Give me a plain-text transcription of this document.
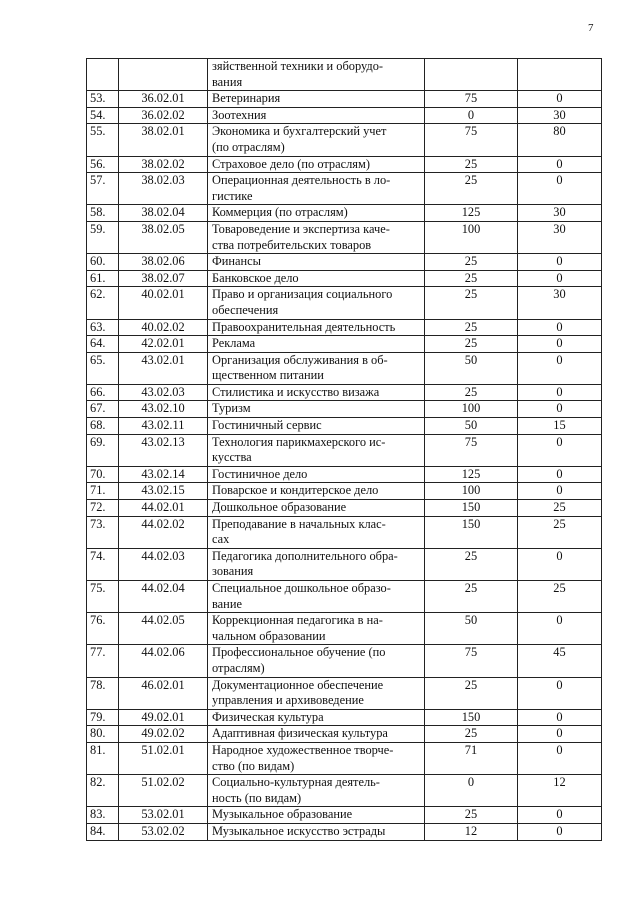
7
		зяйственной техники и оборудо-
вания		
53.	36.02.01	Ветеринария	75	0
54.	36.02.02	Зоотехния	0	30
55.	38.02.01	Экономика и бухгалтерский учет
(по отраслям)	75	80
56.	38.02.02	Страховое дело (по отраслям)	25	0
57.	38.02.03	Операционная деятельность в ло-
гистике	25	0
58.	38.02.04	Коммерция (по отраслям)	125	30
59.	38.02.05	Товароведение и экспертиза каче-
ства потребительских товаров	100	30
60.	38.02.06	Финансы	25	0
61.	38.02.07	Банковское дело	25	0
62.	40.02.01	Право и организация социального
обеспечения	25	30
63.	40.02.02	Правоохранительная деятельность	25	0
64.	42.02.01	Реклама	25	0
65.	43.02.01	Организация обслуживания в об-
щественном питании	50	0
66.	43.02.03	Стилистика и искусство визажа	25	0
67.	43.02.10	Туризм	100	0
68.	43.02.11	Гостиничный сервис	50	15
69.	43.02.13	Технология парикмахерского ис-
кусства	75	0
70.	43.02.14	Гостиничное дело	125	0
71.	43.02.15	Поварское и кондитерское дело	100	0
72.	44.02.01	Дошкольное образование	150	25
73.	44.02.02	Преподавание в начальных клас-
сах	150	25
74.	44.02.03	Педагогика дополнительного обра-
зования	25	0
75.	44.02.04	Специальное дошкольное образо-
вание	25	25
76.	44.02.05	Коррекционная педагогика в на-
чальном образовании	50	0
77.	44.02.06	Профессиональное обучение (по
отраслям)	75	45
78.	46.02.01	Документационное обеспечение
управления и архивоведение	25	0
79.	49.02.01	Физическая культура	150	0
80.	49.02.02	Адаптивная физическая культура	25	0
81.	51.02.01	Народное художественное творче-
ство (по видам)	71	0
82.	51.02.02	Социально-культурная деятель-
ность (по видам)	0	12
83.	53.02.01	Музыкальное образование	25	0
84.	53.02.02	Музыкальное искусство эстрады	12	0
